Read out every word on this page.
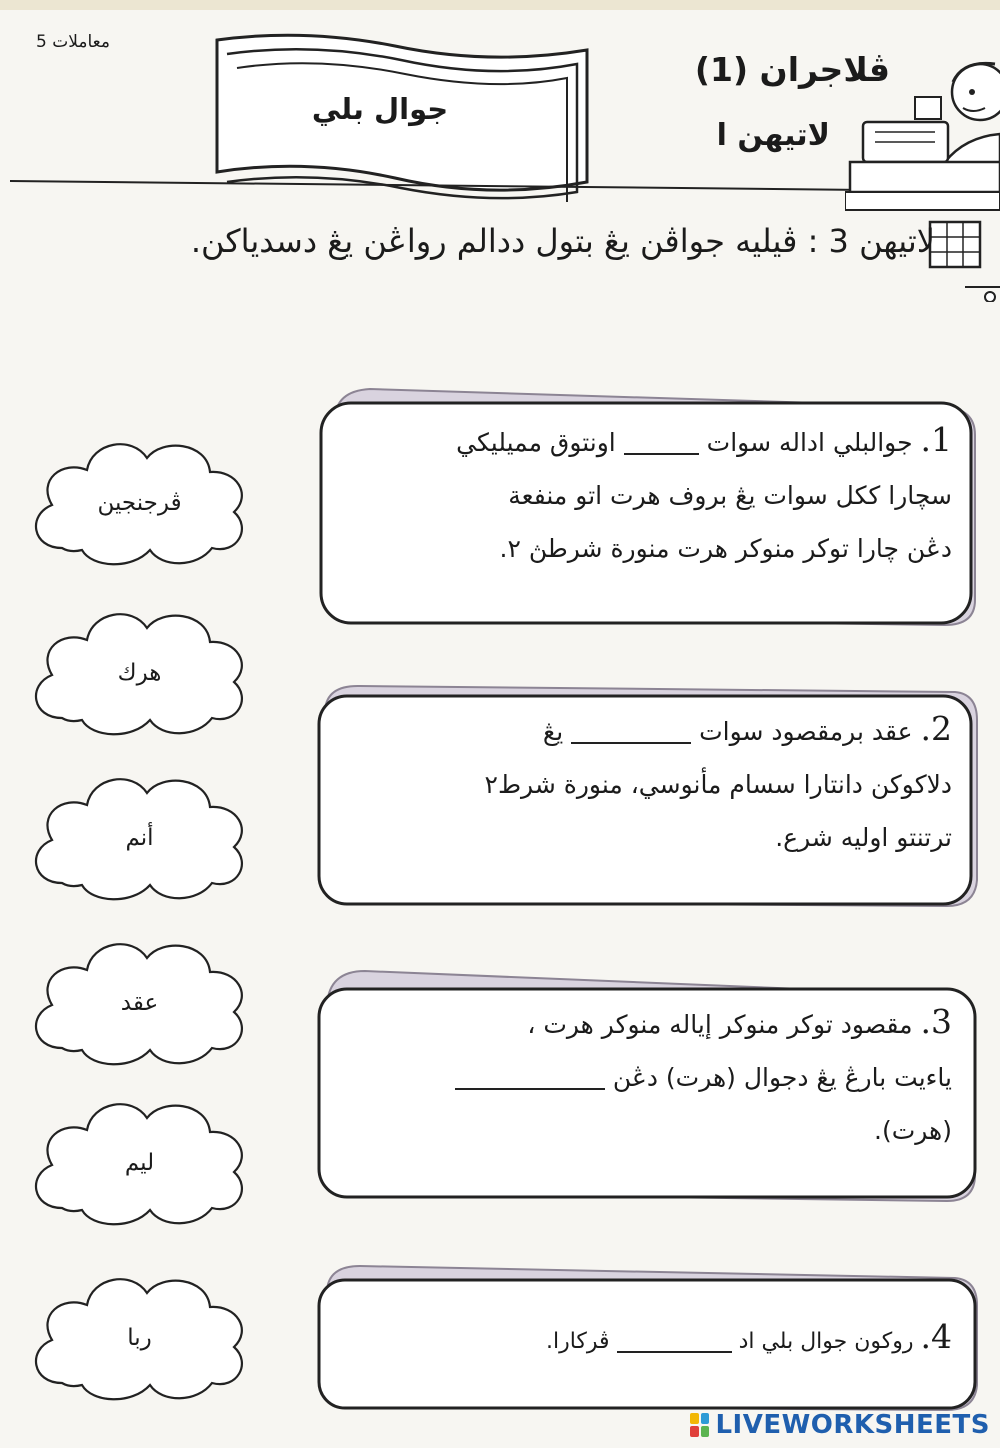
معاملات 5
جوال بلي
ڤلاجران (1)
لاتيهن ا
لاتيهن 3 : ڤيليه جواڤن يڠ بتول ددالم رواڠن يڠ دسدياكن.
ڤرجنجين
هرك
أنم
عقد
ليم
ربا
1. جوالبلي اداله سوات  اونتوق مميليكي
سچارا ككل سوات يڠ بروف هرت اتو منفعة
دڠن چارا توكر منوكر هرت منورة شرطڽ ٢.
2. عقد برمقصود سوات  يڠ
دلاكوكن دانتارا سسام مأنوسي، منورة شرط٢
ترتنتو اوليه شرع.
3. مقصود توكر منوكر إياله منوكر هرت ،
ياءيت بارڠ يڠ دجوال (هرت) دڠن
(هرت).
4. روكون جوال بلي اد  ڤركارا.
LIVEWORKSHEETS
